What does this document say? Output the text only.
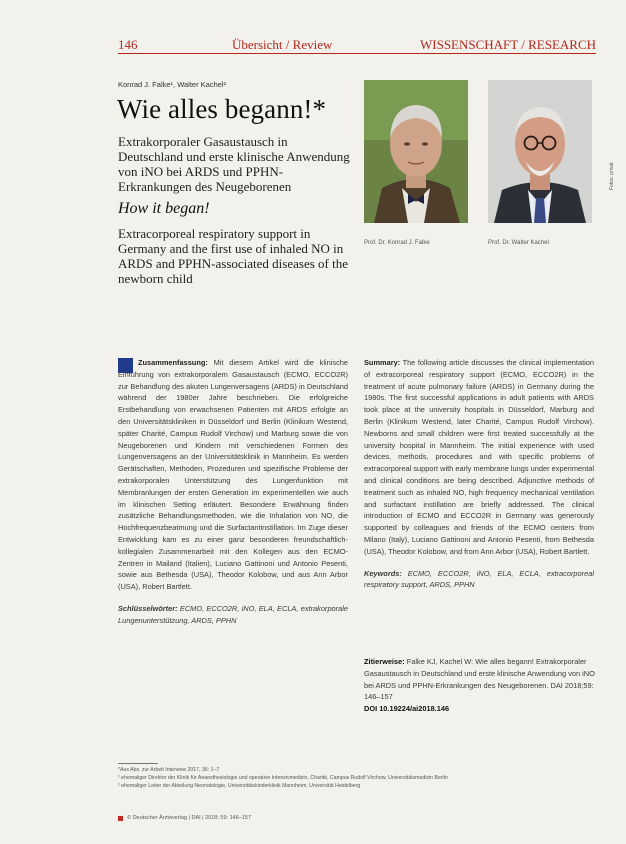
146	Übersicht / Review	WISSENSCHAFT / RESEARCH
Konrad J. Falke¹, Walter Kachel²
Wie alles begann!*
Extrakorporaler Gasaustausch in Deutschland und erste klinische Anwendung von iNO bei ARDS und PPHN-Erkrankungen des Neugeborenen
How it began!
Extracorporeal respiratory support in Germany and the first use of inhaled NO in ARDS and PPHN-associated diseases of the newborn child
Prof. Dr. Konrad J. Falke	Prof. Dr. Walter Kachel
Fotos: privat
Zusammenfassung: Mit diesem Artikel wird die klinische Einführung von extrakorporalem Gasaustausch (ECMO, ECCO2R) zur Behandlung des akuten Lungenversagens (ARDS) in Deutschland während der 1980er Jahre beschrieben. Die erfolgreiche Erstbehandlung von erwachsenen Patienten mit ARDS erfolgte an den Universitätskliniken in Düsseldorf und Berlin (Klinikum Westend, später Charité, Campus Rudolf Virchow) und Marburg sowie die von Neugeborenen und Kindern mit verschiedenen Formen des Lungenversagens an der Universitätsklinik in Mannheim. Es werden Gerätschaften, Methoden, Prozeduren und spezifische Probleme der extrakorporalen Unterstützung des Lungenfunktion mit Membranlungen der ersten Generation im experimentellen wie auch im klinischen Setting erläutert. Besondere Erwähnung finden zusätzliche Behandlungsmethoden, wie die Inhalation von NO, die Hochfrequenzbeatmung und die Surfactantinstillation. Im Zuge dieser Entwicklung kam es zu einer ganz besonderen freundschaftlich-kollegialen Zusammenarbeit mit den Kollegen aus den ECMO-Zentren in Mailand (Italien), Luciano Gattinoni und Antonio Pesenti, sowie aus Bethesda (USA), Theodor Kolobow, und aus Ann Arbor (USA), Robert Bartlett.
Schlüsselwörter: ECMO, ECCO2R, iNO, ELA, ECLA, extrakorporale Lungenunterstützung, ARDS, PPHN
Summary: The following article discusses the clinical implementation of extracorporeal respiratory support (ECMO, ECCO2R) in the treatment of acute pulmonary failure (ARDS) in Germany during the 1980s. The first successful applications in adult patients with ARDS took place at the university hospitals in Düsseldorf, Marburg and Berlin (Klinikum Westend, later Charité, Campus Rudolf Virchow). Newborns and small children were first treated successfully at the university hospital in Mannheim. The initial experience with used devices, methods, procedures and with specific problems of extracorporeal support with early membrane lungs under experimental and clinical conditions are being described. Adjunctive methods of treatment such as inhaled NO, high frequency mechanical ventilation and surfactant instillation are briefly addressed. The clinical introduction of ECMO and ECCO2R in Germany was generously supported by colleagues and friends of the ECMO centers from Milano (Italy), Luciano Gattinoni and Antonio Pesenti, from Bethesda (USA), Theodor Kolobow, and from Ann Arbor (USA), Robert Bartlett.
Keywords: ECMO, ECCO2R, iNO, ELA, ECLA, extracorporeal respiratory support, ARDS, PPHN
Zitierweise: Falke KJ, Kachel W: Wie alles begann! Extrakorporaler Gasaustausch in Deutschland und erste klinische Anwendung von iNO bei ARDS und PPHN-Erkrankungen des Neugeborenen. DAI 2018;59: 146–157
DOI 10.19224/ai2018.146
*Aus Abs. zur Arbeit Interview 2017, 36: 1–7
¹ ehemaliger Direktor der Klinik für Anaesthesiologie und operative Intensivmedizin, Charité, Campus Rudolf Virchow, Universitätsmedizin Berlin
² ehemaliger Leiter der Abteilung Neonatologie, Universitätskinderklinik Mannheim, Universität Heidelberg
© Deutscher Ärzteverlag | DAI | 2018; 59: 146–157
